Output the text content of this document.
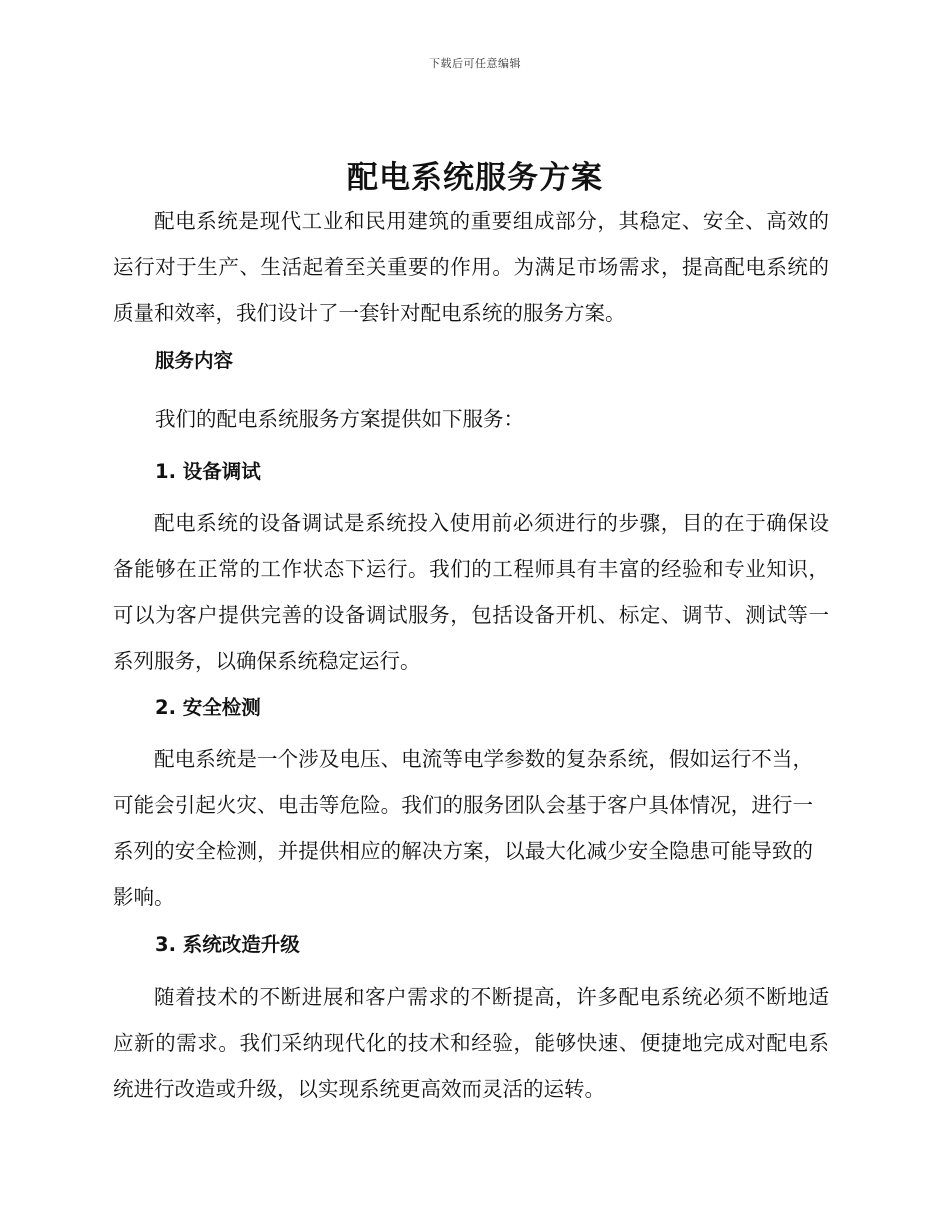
下载后可任意编辑
配电系统服务方案

配电系统是现代工业和民用建筑的重要组成部分，其稳定、安全、高效的运行对于生产、生活起着至关重要的作用。为满足市场需求，提高配电系统的质量和效率，我们设计了一套针对配电系统的服务方案。

服务内容

我们的配电系统服务方案提供如下服务：

1. 设备调试

配电系统的设备调试是系统投入使用前必须进行的步骤，目的在于确保设备能够在正常的工作状态下运行。我们的工程师具有丰富的经验和专业知识，可以为客户提供完善的设备调试服务，包括设备开机、标定、调节、测试等一系列服务，以确保系统稳定运行。

2. 安全检测

配电系统是一个涉及电压、电流等电学参数的复杂系统，假如运行不当，可能会引起火灾、电击等危险。我们的服务团队会基于客户具体情况，进行一系列的安全检测，并提供相应的解决方案，以最大化减少安全隐患可能导致的影响。

3. 系统改造升级

随着技术的不断进展和客户需求的不断提高，许多配电系统必须不断地适应新的需求。我们采纳现代化的技术和经验，能够快速、便捷地完成对配电系统进行改造或升级，以实现系统更高效而灵活的运转。
